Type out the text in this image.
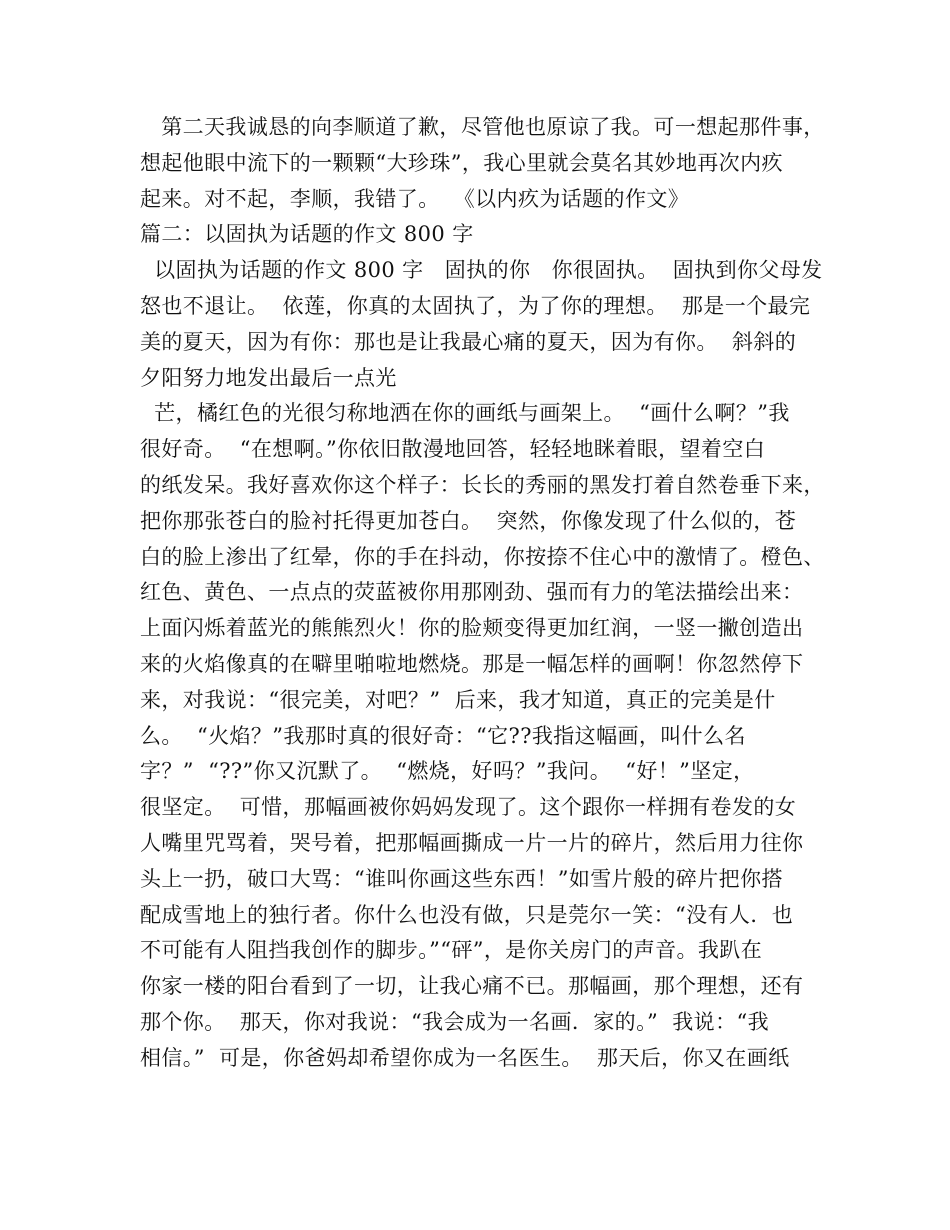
第二天我诚恳的向李顺道了歉，尽管他也原谅了我。可一想起那件事，
想起他眼中流下的一颗颗“大珍珠”，我心里就会莫名其妙地再次内疚
起来。对不起，李顺，我错了。  《以内疚为话题的作文》
篇二：以固执为话题的作文 800 字
以固执为话题的作文 800 字   固执的你   你很固执。  固执到你父母发
怒也不退让。  依莲，你真的太固执了，为了你的理想。  那是一个最完
美的夏天，因为有你：那也是让我最心痛的夏天，因为有你。  斜斜的
夕阳努力地发出最后一点光
芒，橘红色的光很匀称地洒在你的画纸与画架上。  “画什么啊？”我
很好奇。  “在想啊。”你依旧散漫地回答，轻轻地眯着眼，望着空白
的纸发呆。我好喜欢你这个样子：长长的秀丽的黑发打着自然卷垂下来，
把你那张苍白的脸衬托得更加苍白。  突然，你像发现了什么似的，苍
白的脸上渗出了红晕，你的手在抖动，你按捺不住心中的激情了。橙色、
红色、黄色、一点点的荧蓝被你用那刚劲、强而有力的笔法描绘出来：
上面闪烁着蓝光的熊熊烈火！你的脸颊变得更加红润，一竖一撇创造出
来的火焰像真的在噼里啪啦地燃烧。那是一幅怎样的画啊！你忽然停下
来，对我说：“很完美，对吧？”  后来，我才知道，真正的完美是什
么。  “火焰？”我那时真的很好奇：“它??我指这幅画，叫什么名
字？”  “??”你又沉默了。  “燃烧，好吗？”我问。  “好！”坚定，
很坚定。  可惜，那幅画被你妈妈发现了。这个跟你一样拥有卷发的女
人嘴里咒骂着，哭号着，把那幅画撕成一片一片的碎片，然后用力往你
头上一扔，破口大骂：“谁叫你画这些东西！”如雪片般的碎片把你搭
配成雪地上的独行者。你什么也没有做，只是莞尔一笑：“没有人．也
不可能有人阻挡我创作的脚步。”“砰”，是你关房门的声音。我趴在
你家一楼的阳台看到了一切，让我心痛不已。那幅画，那个理想，还有
那个你。  那天，你对我说：“我会成为一名画．家的。”  我说：“我
相信。”  可是，你爸妈却希望你成为一名医生。  那天后，你又在画纸
